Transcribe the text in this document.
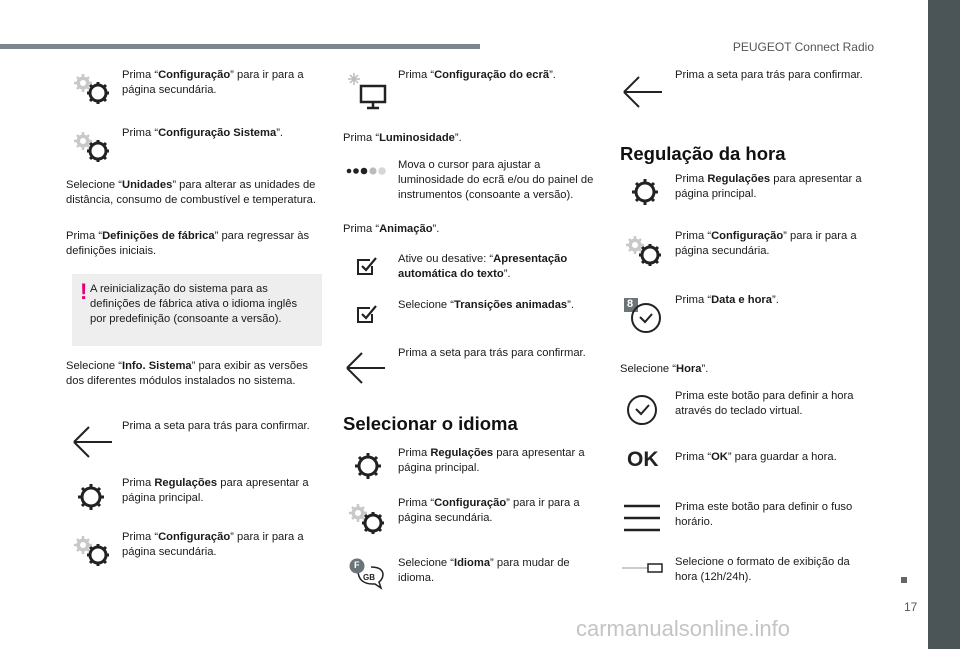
PEUGEOT Connect Radio
17
carmanualsonline.info
Prima “Configuração” para ir para a página secundária.
Prima “Configuração Sistema”.
Selecione “Unidades” para alterar as unidades de distância, consumo de combustível e temperatura.
Prima “Definições de fábrica” para regressar às definições iniciais.
! A reinicialização do sistema para as definições de fábrica ativa o idioma inglês por predefinição (consoante a versão).
Selecione “Info. Sistema” para exibir as versões dos diferentes módulos instalados no sistema.
Prima a seta para trás para confirmar.
Prima Regulações para apresentar a página principal.
Prima “Configuração” para ir para a página secundária.
Prima “Configuração do ecrã”.
Prima “Luminosidade”.
Mova o cursor para ajustar a luminosidade do ecrã e/ou do painel de instrumentos (consoante a versão).
Prima “Animação”.
Ative ou desative: “Apresentação automática do texto”.
Selecione “Transições animadas”.
Prima a seta para trás para confirmar.
Selecionar o idioma
Prima Regulações para apresentar a página principal.
Prima “Configuração” para ir para a página secundária.
F
GB
Selecione “Idioma” para mudar de idioma.
Prima a seta para trás para confirmar.
Regulação da hora
Prima Regulações para apresentar a página principal.
Prima “Configuração” para ir para a página secundária.
8	Prima “Data e hora”.
Selecione “Hora”.
Prima este botão para definir a hora através do teclado virtual.
OK Prima “OK” para guardar a hora.
Prima este botão para definir o fuso horário.
Selecione o formato de exibição da hora (12h/24h).
